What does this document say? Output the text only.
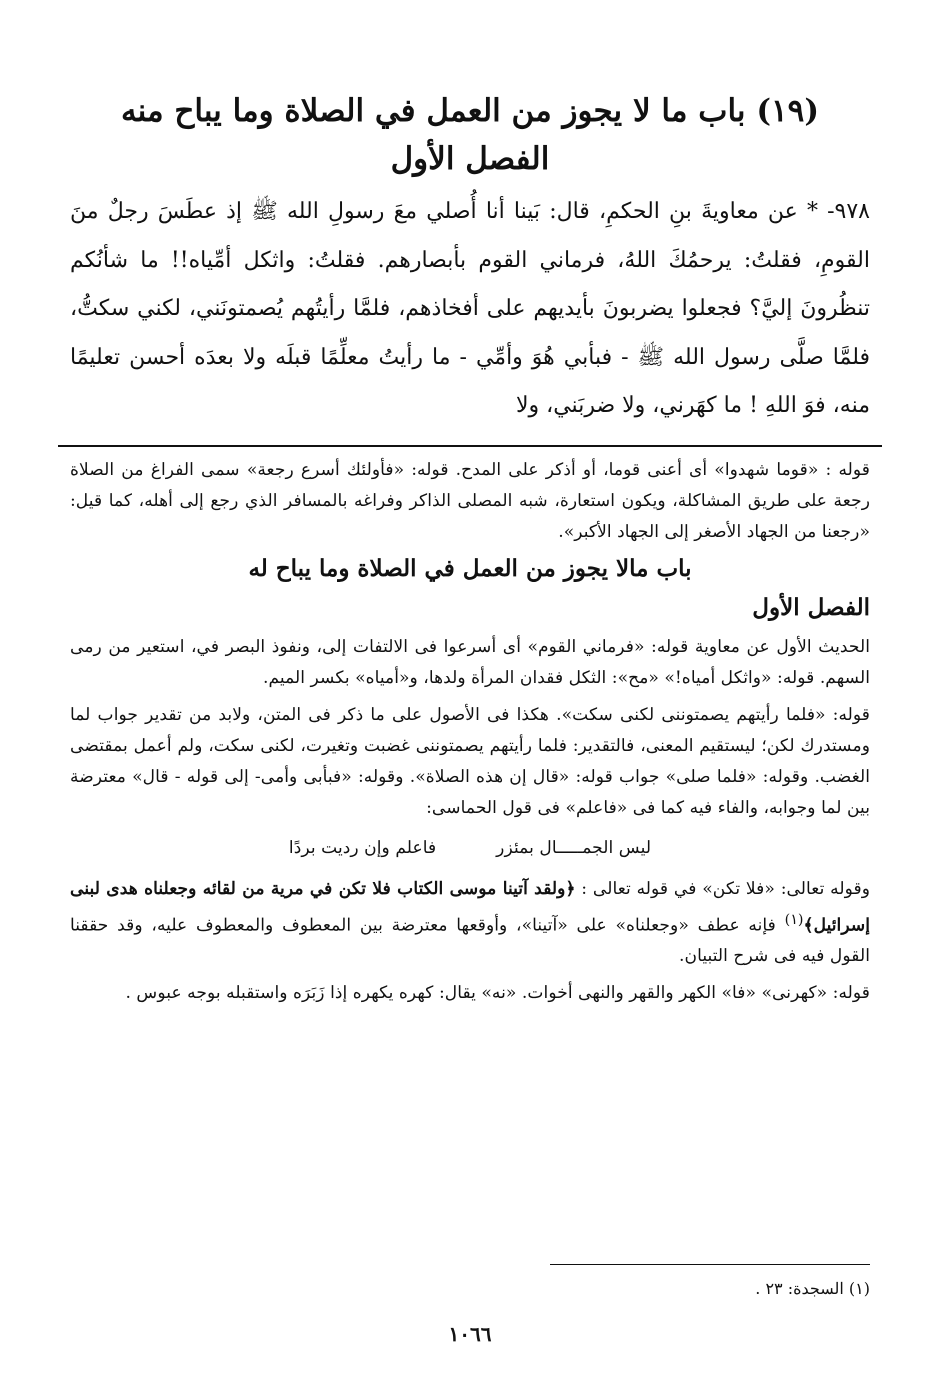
(١٩) باب ما لا يجوز من العمل في الصلاة وما يباح منه
الفصل الأول

٩٧٨- * عن معاويةَ بنِ الحكمِ، قال: بَينا أنا أُصلي معَ رسولِ الله ﷺ إذ عطَسَ رجلٌ منَ القومِ، فقلتُ: يرحمُكَ اللهُ، فرماني القوم بأبصارهم. فقلتُ: واثكل أمِّياه!! ما شأنُكم تنظُرونَ إليَّ؟ فجعلوا يضربونَ بأيديهم على أفخاذهم، فلمَّا رأيتُهم يُصمتونَني، لكني سكتُّ، فلمَّا صلَّى رسول الله ﷺ - فبأبي هُوَ وأمِّي - ما رأيتُ معلِّمًا قبلَه ولا بعدَه أحسن تعليمًا منه، فوَ اللهِ ! ما كهَرني، ولا ضربَني، ولا

قوله : «قوما شهدوا» أى أعنى قوما، أو أذكر على المدح. قوله: «فأولئك أسرع رجعة» سمى الفراغ من الصلاة رجعة على طريق المشاكلة، ويكون استعارة، شبه المصلى الذاكر وفراغه بالمسافر الذي رجع إلى أهله، كما قيل: «رجعنا من الجهاد الأصغر إلى الجهاد الأكبر».

باب مالا يجوز من العمل في الصلاة وما يباح له
الفصل الأول

الحديث الأول عن معاوية قوله: «فرماني القوم» أى أسرعوا فى الالتفات إلى، ونفوذ البصر في، استعير من رمى السهم. قوله: «واثكل أمياه!» «مح»: الثكل فقدان المرأة ولدها، و«أمياه» بكسر الميم.

قوله: «فلما رأيتهم يصمتوننى لكنى سكت». هكذا فى الأصول على ما ذكر فى المتن، ولابد من تقدير جواب لما ومستدرك لكن؛ ليستقيم المعنى، فالتقدير: فلما رأيتهم يصمتوننى غضبت وتغيرت، لكنى سكت، ولم أعمل بمقتضى الغضب. وقوله: «فلما صلى» جواب قوله: «قال إن هذه الصلاة». وقوله: «فبأبى وأمى- إلى قوله - قال» معترضة بين لما وجوابه، والفاء فيه كما فى «فاعلم» فى قول الحماسى:

ليس الجمـــــال بمئزر
فاعلم وإن رديت بردًا

وقوله تعالى: «فلا تكن» في قوله تعالى : ﴿ولقد آتينا موسى الكتاب فلا تكن في مرية من لقائه وجعلناه هدى لبنى إسرائيل﴾$^{(١)}$ فإنه عطف «وجعلناه» على «آتينا»، وأوقعها معترضة بين المعطوف والمعطوف عليه، وقد حققنا القول فيه فى شرح التبيان.

قوله: «كهرنى» «فا» الكهر والقهر والنهى أخوات. «نه» يقال: كهره يكهره إذا زَبَرَه واستقبله بوجه عبوس .

(١) السجدة: ٢٣ .

١٠٦٦
